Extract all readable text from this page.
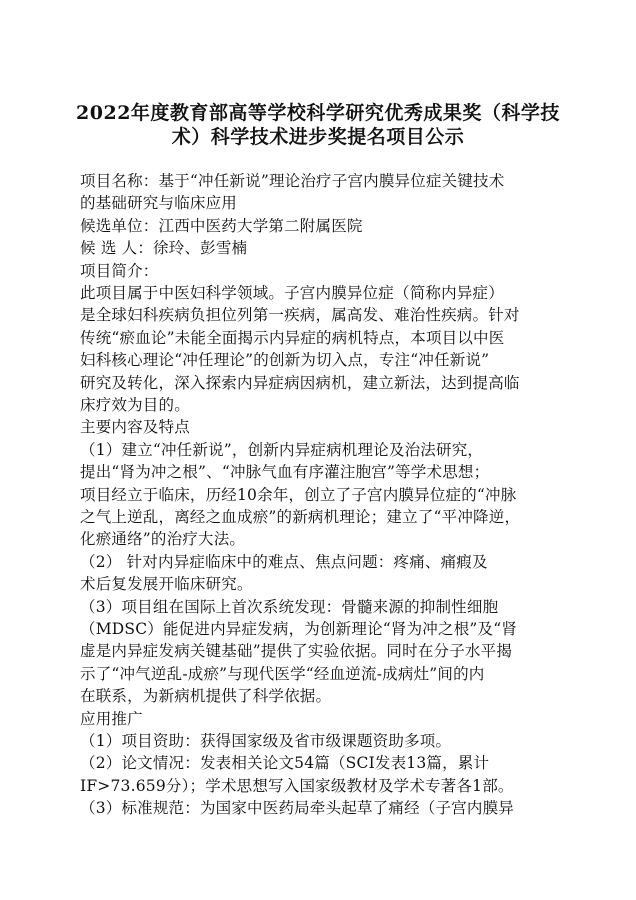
2022年度教育部高等学校科学研究优秀成果奖（科学技
术）科学技术进步奖提名项目公示
项目名称：基于“冲任新说”理论治疗子宫内膜异位症关键技术
的基础研究与临床应用
候选单位：江西中医药大学第二附属医院
候 选 人：徐玲、彭雪楠
项目简介：
此项目属于中医妇科学领域。子宫内膜异位症（简称内异症）
是全球妇科疾病负担位列第一疾病，属高发、难治性疾病。针对
传统“瘀血论”未能全面揭示内异症的病机特点，本项目以中医
妇科核心理论“冲任理论”的创新为切入点，专注“冲任新说”
研究及转化，深入探索内异症病因病机，建立新法，达到提高临
床疗效为目的。
主要内容及特点
（1）建立“冲任新说”，创新内异症病机理论及治法研究，
提出“肾为冲之根”、“冲脉气血有序灌注胞宫”等学术思想；
项目经立于临床，历经10余年，创立了子宫内膜异位症的“冲脉
之气上逆乱，离经之血成瘀”的新病机理论；建立了“平冲降逆，
化瘀通络”的治疗大法。
（2） 针对内异症临床中的难点、焦点问题：疼痛、痛瘕及
术后复发展开临床研究。
（3）项目组在国际上首次系统发现：骨髓来源的抑制性细胞
（MDSC）能促进内异症发病，为创新理论“肾为冲之根”及“肾
虚是内异症发病关键基础”提供了实验依据。同时在分子水平揭
示了“冲气逆乱-成瘀”与现代医学“经血逆流-成病灶”间的内
在联系，为新病机提供了科学依据。
应用推广
（1）项目资助：获得国家级及省市级课题资助多项。
（2）论文情况：发表相关论文54篇（SCI发表13篇，累计
IF>73.659分）；学术思想写入国家级教材及学术专著各1部。
（3）标准规范：为国家中医药局牵头起草了痛经（子宫内膜异
